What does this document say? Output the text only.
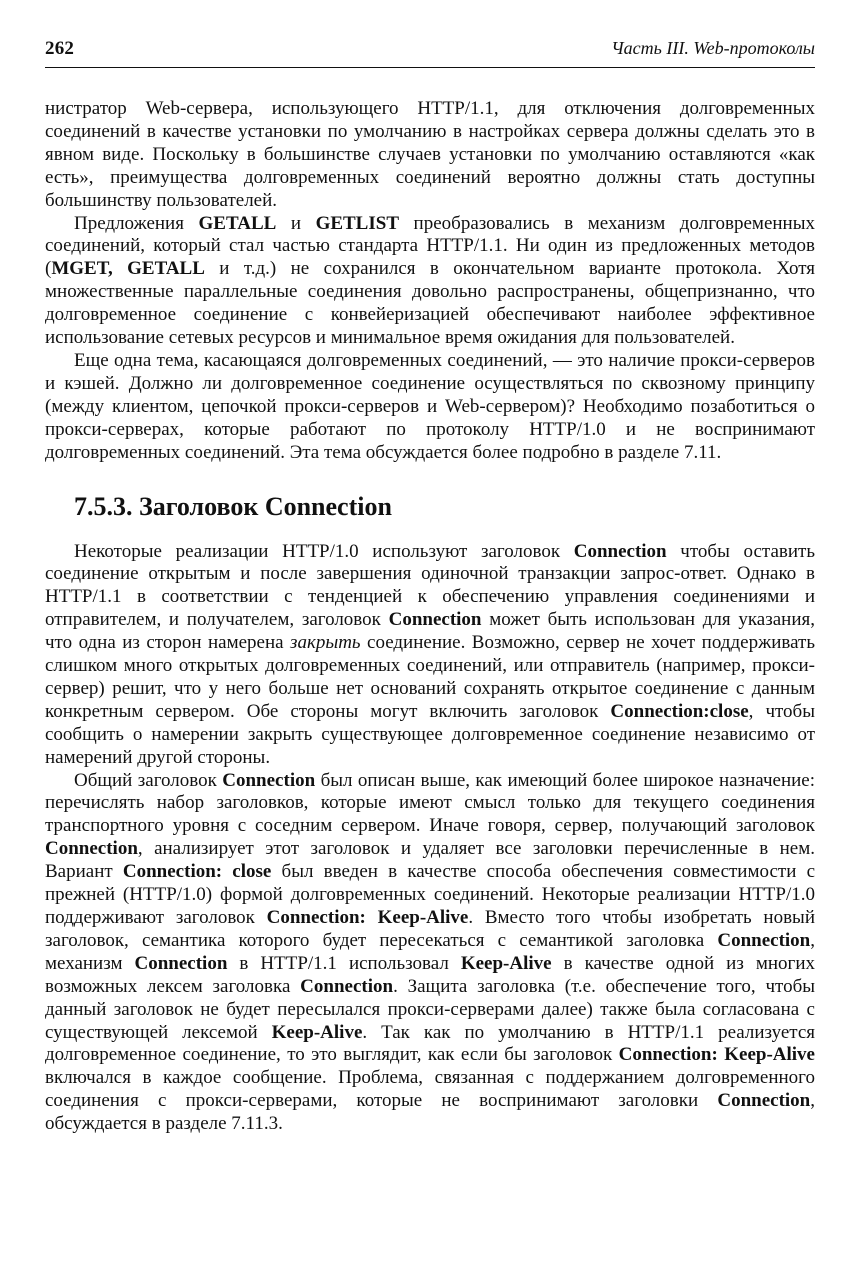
262	Часть III. Web-протоколы

нистратор Web-сервера, использующего HTTP/1.1, для отключения долговременных соединений в качестве установки по умолчанию в настройках сервера должны сделать это в явном виде. Поскольку в большинстве случаев установки по умолчанию оставляются «как есть», преимущества долговременных соединений вероятно должны стать доступны большинству пользователей.

Предложения GETALL и GETLIST преобразовались в механизм долговременных соединений, который стал частью стандарта HTTP/1.1. Ни один из предложенных методов (MGET, GETALL и т.д.) не сохранился в окончательном варианте протокола. Хотя множественные параллельные соединения довольно распространены, общепризнанно, что долговременное соединение с конвейеризацией обеспечивают наиболее эффективное использование сетевых ресурсов и минимальное время ожидания для пользователей.

Еще одна тема, касающаяся долговременных соединений, — это наличие прокси-серверов и кэшей. Должно ли долговременное соединение осуществляться по сквозному принципу (между клиентом, цепочкой прокси-серверов и Web-сервером)? Необходимо позаботиться о прокси-серверах, которые работают по протоколу HTTP/1.0 и не воспринимают долговременных соединений. Эта тема обсуждается более подробно в разделе 7.11.

7.5.3. Заголовок Connection

Некоторые реализации HTTP/1.0 используют заголовок Connection чтобы оставить соединение открытым и после завершения одиночной транзакции запрос-ответ. Однако в HTTP/1.1 в соответствии с тенденцией к обеспечению управления соединениями и отправителем, и получателем, заголовок Connection может быть использован для указания, что одна из сторон намерена закрыть соединение. Возможно, сервер не хочет поддерживать слишком много открытых долговременных соединений, или отправитель (например, прокси-сервер) решит, что у него больше нет оснований сохранять открытое соединение с данным конкретным сервером. Обе стороны могут включить заголовок Connection:close, чтобы сообщить о намерении закрыть существующее долговременное соединение независимо от намерений другой стороны.

Общий заголовок Connection был описан выше, как имеющий более широкое назначение: перечислять набор заголовков, которые имеют смысл только для текущего соединения транспортного уровня с соседним сервером. Иначе говоря, сервер, получающий заголовок Connection, анализирует этот заголовок и удаляет все заголовки перечисленные в нем. Вариант Connection: close был введен в качестве способа обеспечения совместимости с прежней (HTTP/1.0) формой долговременных соединений. Некоторые реализации HTTP/1.0 поддерживают заголовок Connection: Keep-Alive. Вместо того чтобы изобретать новый заголовок, семантика которого будет пересекаться с семантикой заголовка Connection, механизм Connection в HTTP/1.1 использовал Keep-Alive в качестве одной из многих возможных лексем заголовка Connection. Защита заголовка (т.е. обеспечение того, чтобы данный заголовок не будет пересылался прокси-серверами далее) также была согласована с существующей лексемой Keep-Alive. Так как по умолчанию в HTTP/1.1 реализуется долговременное соединение, то это выглядит, как если бы заголовок Connection: Keep-Alive включался в каждое сообщение. Проблема, связанная с поддержанием долговременного соединения с прокси-серверами, которые не воспринимают заголовки Connection, обсуждается в разделе 7.11.3.
